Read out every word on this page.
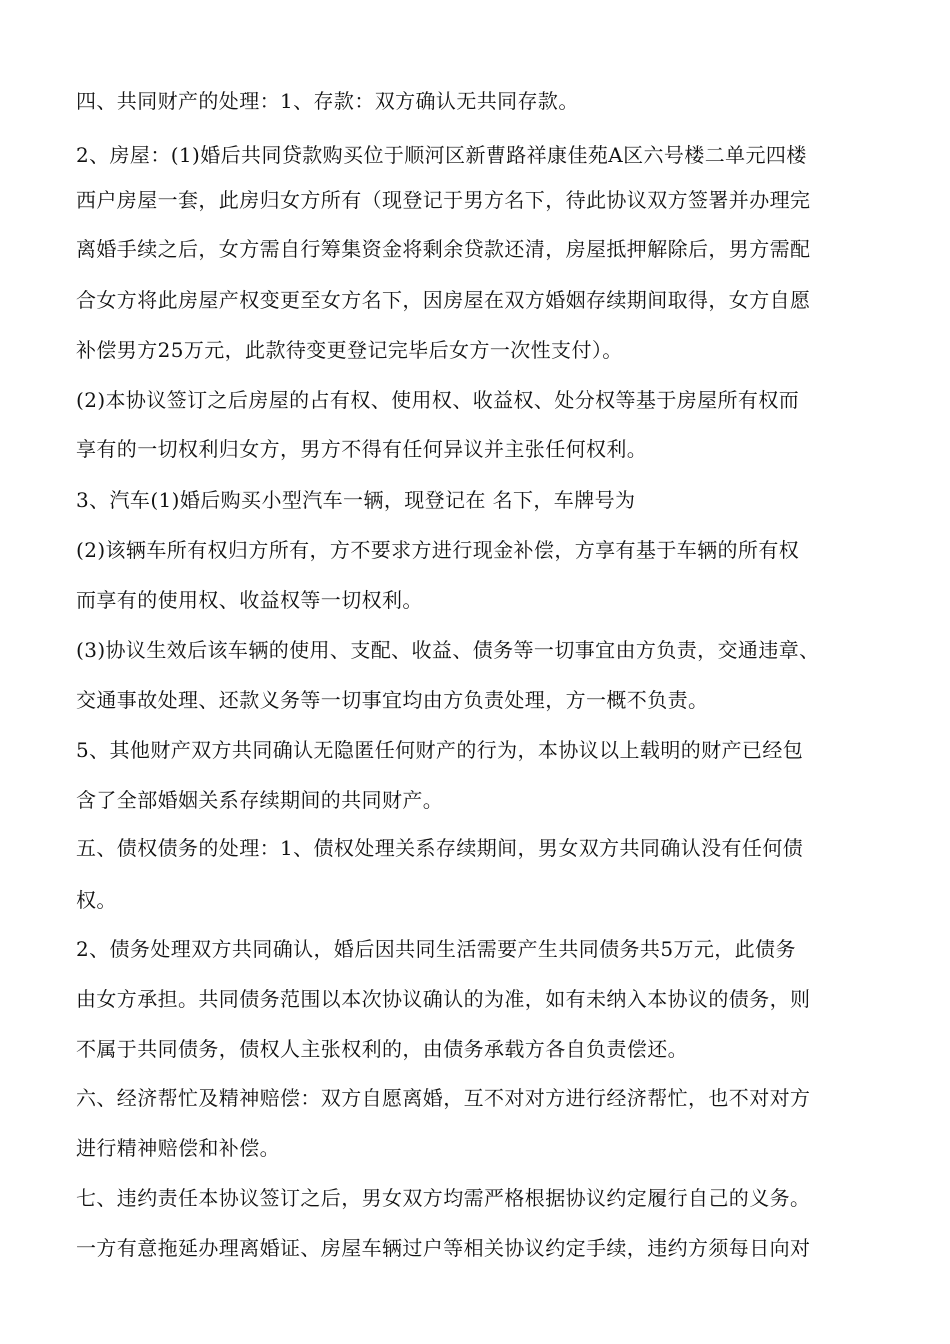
四、共同财产的处理：1、存款：双方确认无共同存款。
2、房屋：(1)婚后共同贷款购买位于顺河区新曹路祥康佳苑A区六号楼二单元四楼
西户房屋一套，此房归女方所有（现登记于男方名下，待此协议双方签署并办理完
离婚手续之后，女方需自行筹集资金将剩余贷款还清，房屋抵押解除后，男方需配
合女方将此房屋产权变更至女方名下，因房屋在双方婚姻存续期间取得，女方自愿
补偿男方25万元，此款待变更登记完毕后女方一次性支付）。
(2)本协议签订之后房屋的占有权、使用权、收益权、处分权等基于房屋所有权而
享有的一切权利归女方，男方不得有任何异议并主张任何权利。
3、汽车(1)婚后购买小型汽车一辆，现登记在 名下，车牌号为
(2)该辆车所有权归方所有，方不要求方进行现金补偿，方享有基于车辆的所有权
而享有的使用权、收益权等一切权利。
(3)协议生效后该车辆的使用、支配、收益、债务等一切事宜由方负责，交通违章、
交通事故处理、还款义务等一切事宜均由方负责处理，方一概不负责。
5、其他财产双方共同确认无隐匿任何财产的行为，本协议以上载明的财产已经包
含了全部婚姻关系存续期间的共同财产。
五、债权债务的处理：1、债权处理关系存续期间，男女双方共同确认没有任何债
权。
2、债务处理双方共同确认，婚后因共同生活需要产生共同债务共5万元，此债务
由女方承担。共同债务范围以本次协议确认的为准，如有未纳入本协议的债务，则
不属于共同债务，债权人主张权利的，由债务承载方各自负责偿还。
六、经济帮忙及精神赔偿：双方自愿离婚，互不对对方进行经济帮忙，也不对对方
进行精神赔偿和补偿。
七、违约责任本协议签订之后，男女双方均需严格根据协议约定履行自己的义务。
一方有意拖延办理离婚证、房屋车辆过户等相关协议约定手续，违约方须每日向对
